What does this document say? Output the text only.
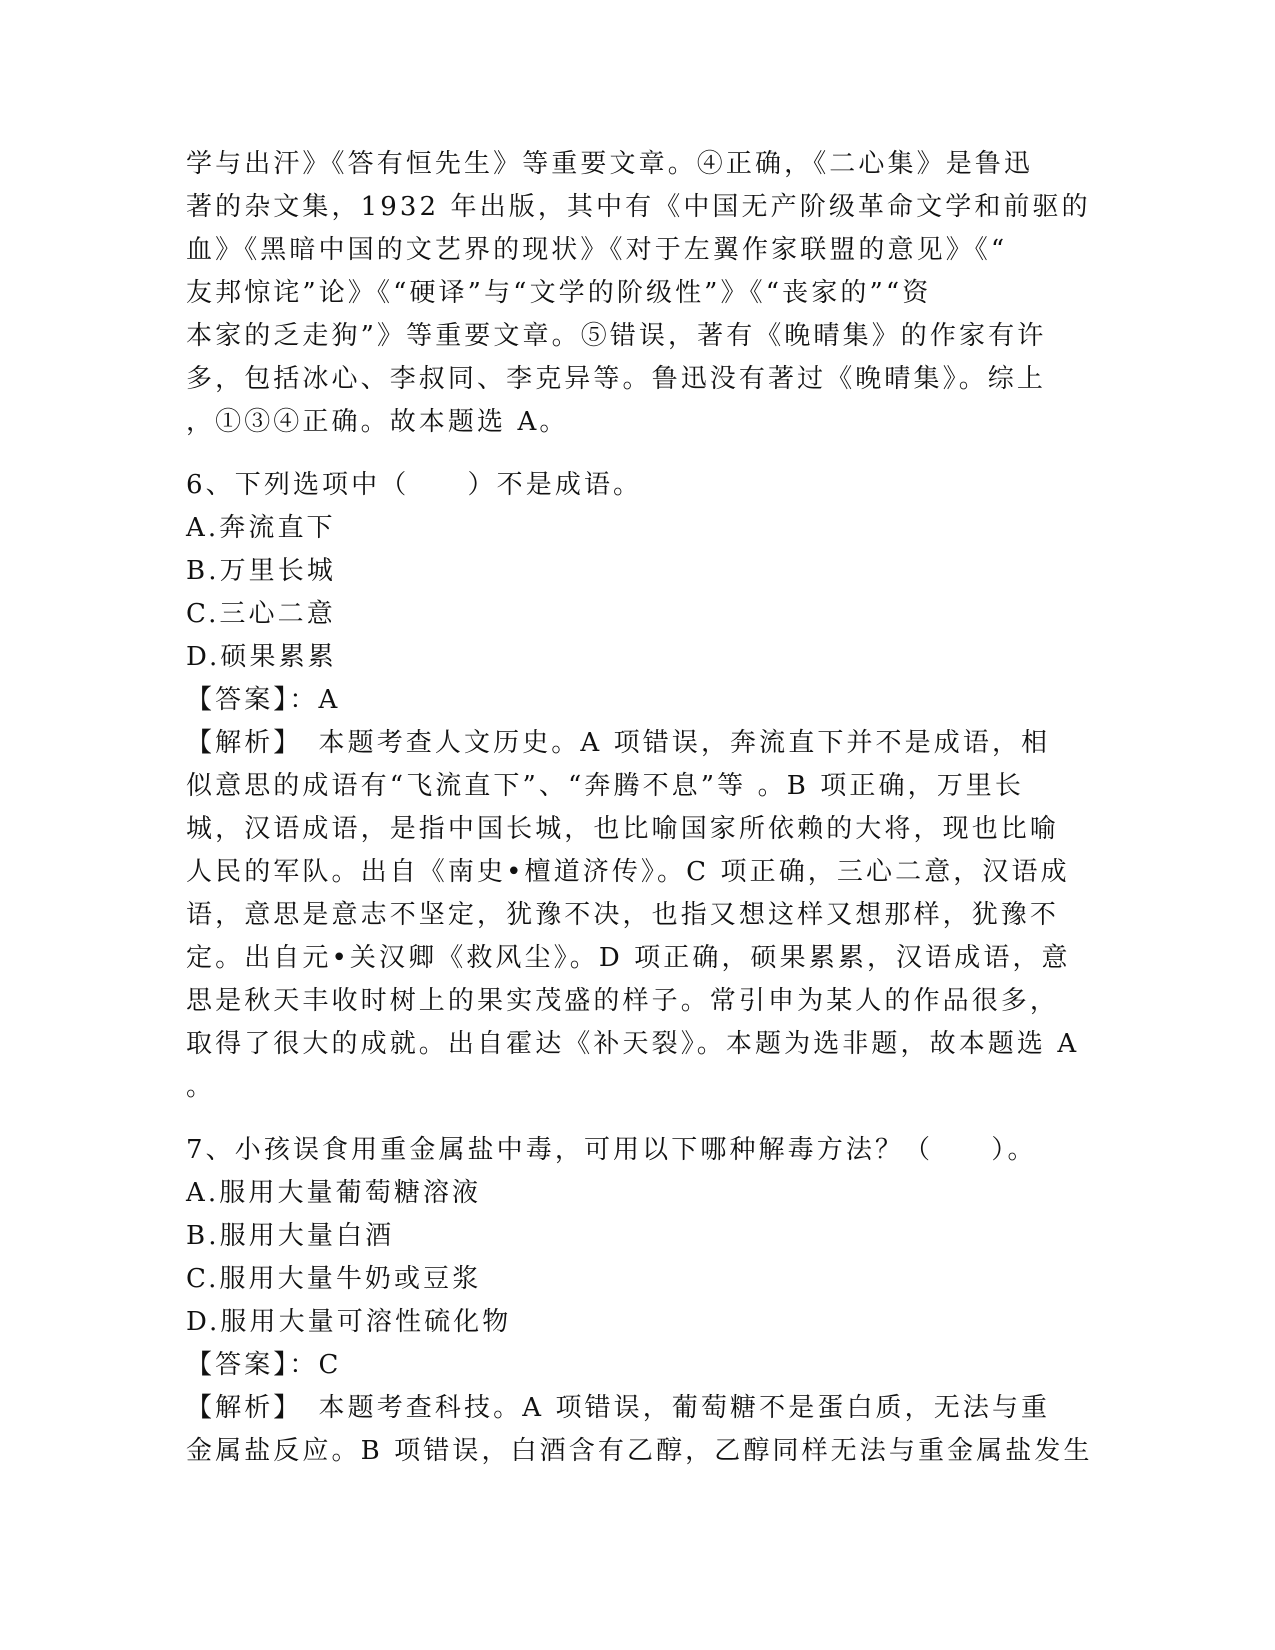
学与出汗》《答有恒先生》等重要文章。④正确，《二心集》是鲁迅
著的杂文集，1932 年出版，其中有《中国无产阶级革命文学和前驱的
血》《黑暗中国的文艺界的现状》《对于左翼作家联盟的意见》《“
友邦惊诧”论》《“硬译”与“文学的阶级性”》《“丧家的”“资
本家的乏走狗”》等重要文章。⑤错误，著有《晚晴集》的作家有许
多，包括冰心、李叔同、李克异等。鲁迅没有著过《晚晴集》。综上
，①③④正确。故本题选 A。
6、下列选项中（　　）不是成语。
A.奔流直下
B.万里长城
C.三心二意
D.硕果累累
【答案】：A
【解析】　本题考查人文历史。A 项错误，奔流直下并不是成语，相
似意思的成语有“飞流直下”、“奔腾不息”等 。B 项正确，万里长
城，汉语成语，是指中国长城，也比喻国家所依赖的大将，现也比喻
人民的军队。出自《南史•檀道济传》。C 项正确，三心二意，汉语成
语，意思是意志不坚定，犹豫不决，也指又想这样又想那样，犹豫不
定。出自元•关汉卿《救风尘》。D 项正确，硕果累累，汉语成语，意
思是秋天丰收时树上的果实茂盛的样子。常引申为某人的作品很多，
取得了很大的成就。出自霍达《补天裂》。本题为选非题，故本题选 A
。
7、小孩误食用重金属盐中毒，可用以下哪种解毒方法？（　　）。
A.服用大量葡萄糖溶液
B.服用大量白酒
C.服用大量牛奶或豆浆
D.服用大量可溶性硫化物
【答案】：C
【解析】　本题考查科技。A 项错误，葡萄糖不是蛋白质，无法与重
金属盐反应。B 项错误，白酒含有乙醇，乙醇同样无法与重金属盐发生
